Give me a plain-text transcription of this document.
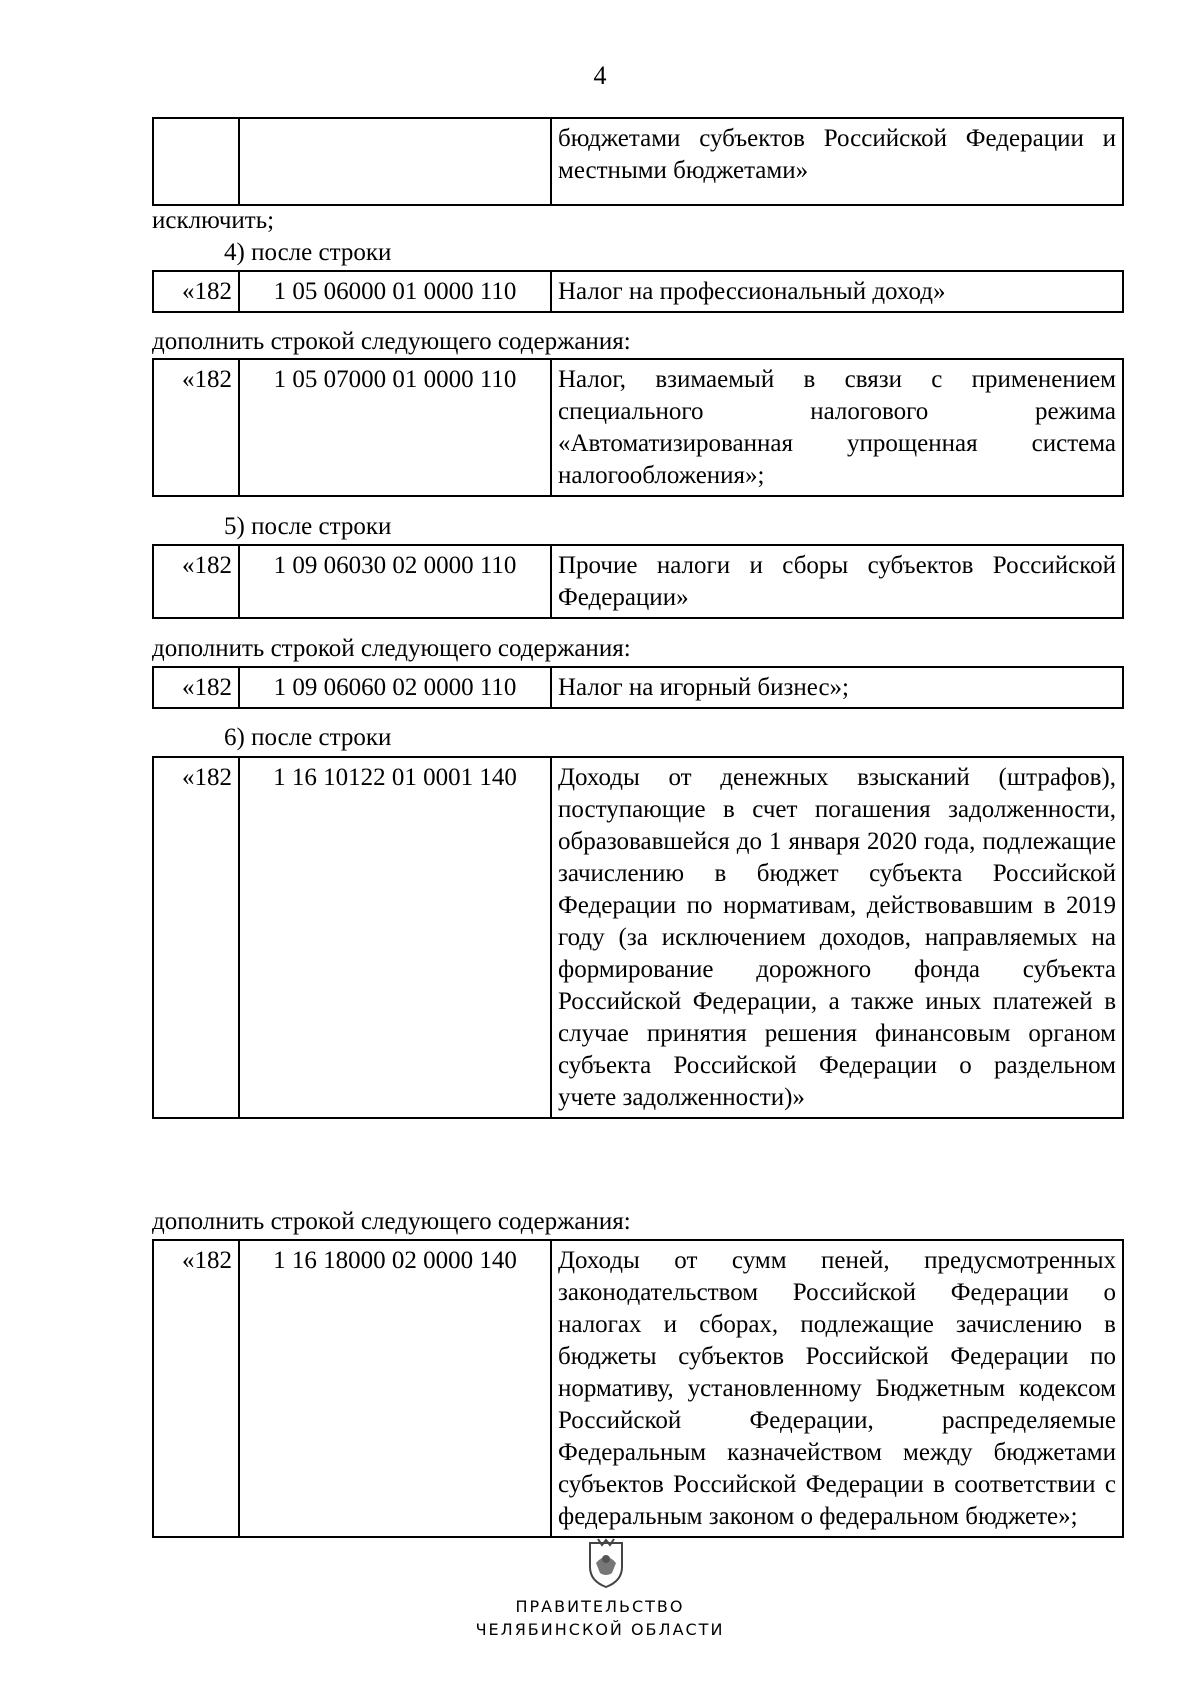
4
		бюджетами субъектов Российской Федерации и местными бюджетами»
исключить;
4) после строки
«182	1 05 06000 01 0000 110	Налог на профессиональный доход»
дополнить строкой следующего содержания:
«182	1 05 07000 01 0000 110	Налог, взимаемый в связи с применением специального налогового режима «Автоматизированная упрощенная система налогообложения»;
5) после строки
«182	1 09 06030 02 0000 110	Прочие налоги и сборы субъектов Российской Федерации»
дополнить строкой следующего содержания:
«182	1 09 06060 02 0000 110	Налог на игорный бизнес»;
6) после строки
«182	1 16 10122 01 0001 140	Доходы от денежных взысканий (штрафов), поступающие в счет погашения задолженности, образовавшейся до 1 января 2020 года, подлежащие зачислению в бюджет субъекта Российской Федерации по нормативам, действовавшим в 2019 году (за исключением доходов, направляемых на формирование дорожного фонда субъекта Российской Федерации, а также иных платежей в случае принятия решения финансовым органом субъекта Российской Федерации о раздельном учете задолженности)»
дополнить строкой следующего содержания:
«182	1 16 18000 02 0000 140	Доходы от сумм пеней, предусмотренных законодательством Российской Федерации о налогах и сборах, подлежащие зачислению в бюджеты субъектов Российской Федерации по нормативу, установленному Бюджетным кодексом Российской Федерации, распределяемые Федеральным казначейством между бюджетами субъектов Российской Федерации в соответствии с федеральным законом о федеральном бюджете»;
ПРАВИТЕЛЬСТВО
ЧЕЛЯБИНСКОЙ ОБЛАСТИ
